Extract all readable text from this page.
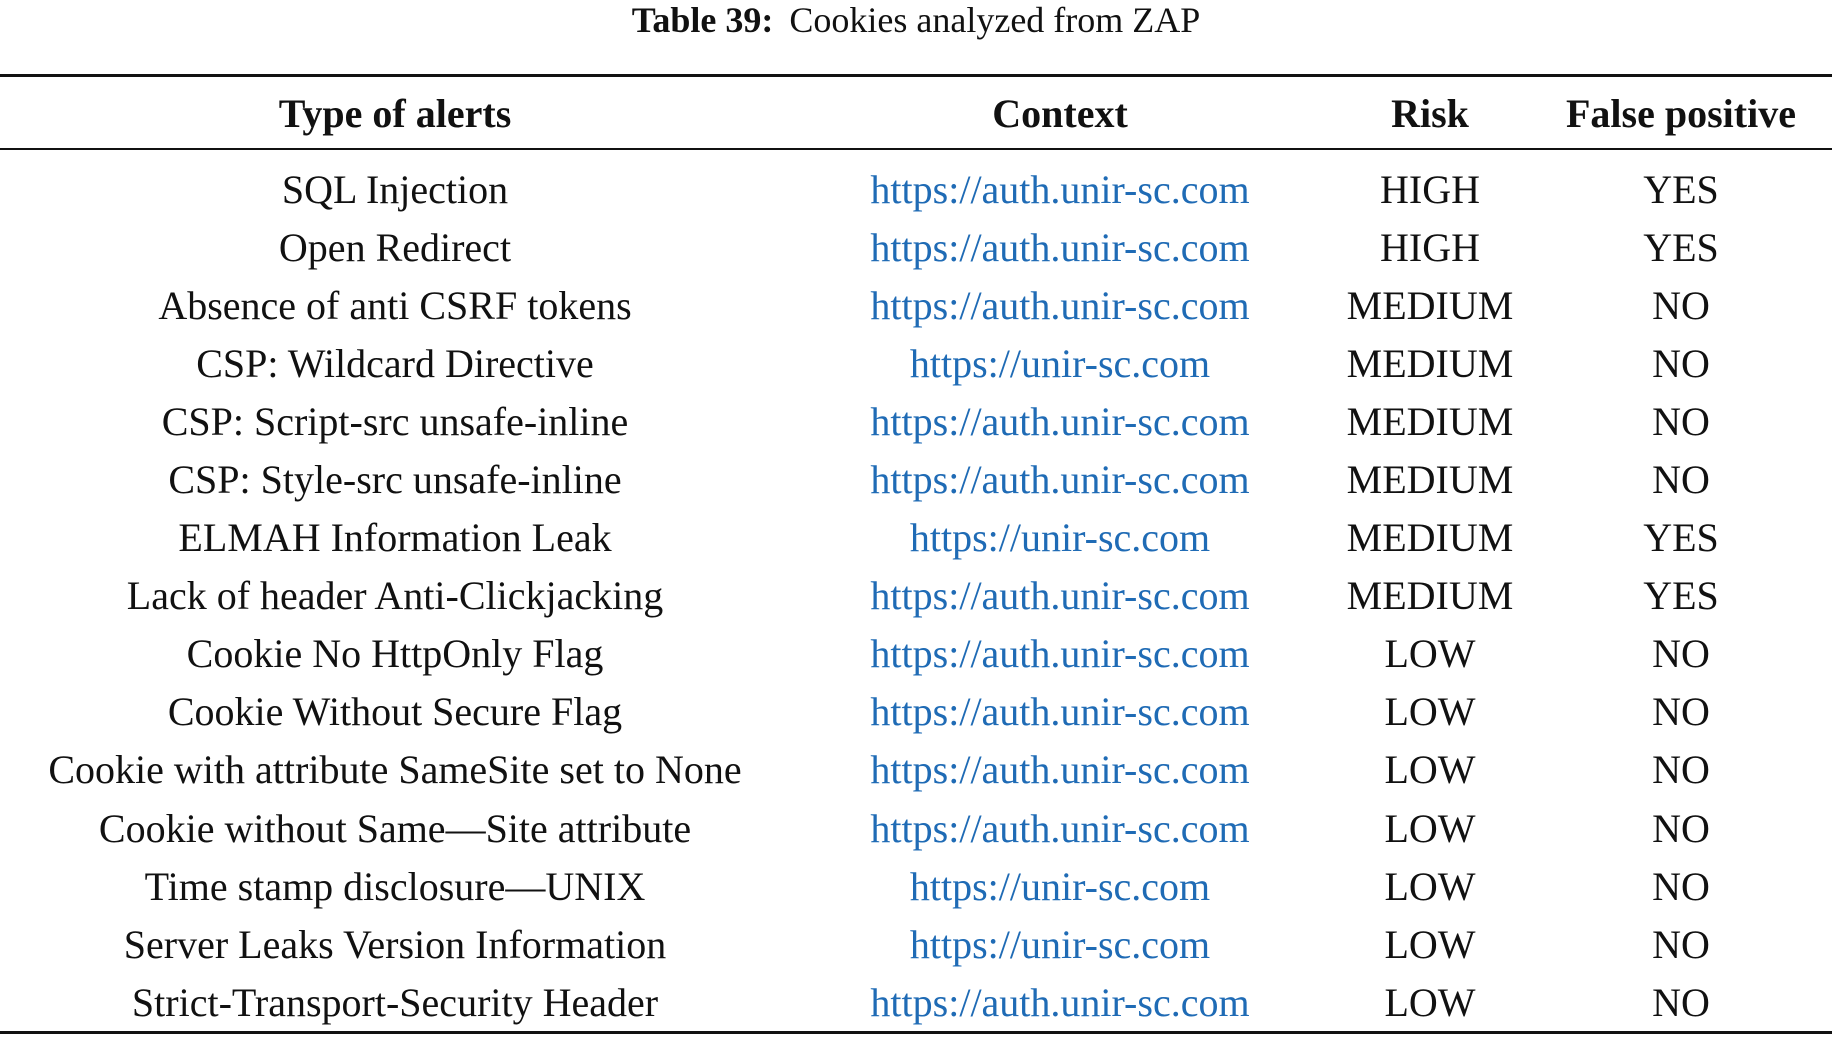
Table 39: Cookies analyzed from ZAP
Type of alerts	Context	Risk	False positive
SQL Injection	https://auth.unir-sc.com	HIGH	YES
Open Redirect	https://auth.unir-sc.com	HIGH	YES
Absence of anti CSRF tokens	https://auth.unir-sc.com	MEDIUM	NO
CSP: Wildcard Directive	https://unir-sc.com	MEDIUM	NO
CSP: Script-src unsafe-inline	https://auth.unir-sc.com	MEDIUM	NO
CSP: Style-src unsafe-inline	https://auth.unir-sc.com	MEDIUM	NO
ELMAH Information Leak	https://unir-sc.com	MEDIUM	YES
Lack of header Anti-Clickjacking	https://auth.unir-sc.com	MEDIUM	YES
Cookie No HttpOnly Flag	https://auth.unir-sc.com	LOW	NO
Cookie Without Secure Flag	https://auth.unir-sc.com	LOW	NO
Cookie with attribute SameSite set to None	https://auth.unir-sc.com	LOW	NO
Cookie without Same—Site attribute	https://auth.unir-sc.com	LOW	NO
Time stamp disclosure—UNIX	https://unir-sc.com	LOW	NO
Server Leaks Version Information	https://unir-sc.com	LOW	NO
Strict-Transport-Security Header	https://auth.unir-sc.com	LOW	NO
